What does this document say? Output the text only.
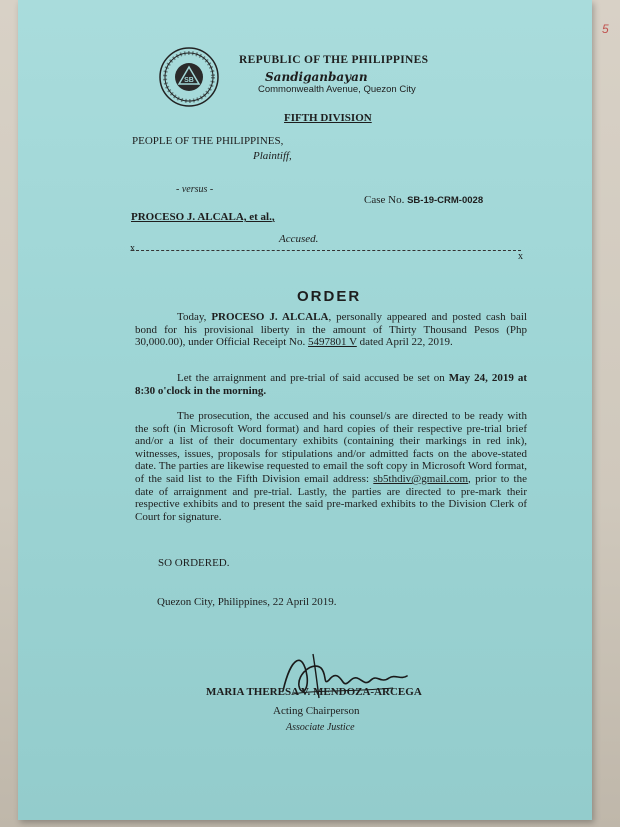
5
SB
REPUBLIC OF THE PHILIPPINES
Sandiganbayan
Commonwealth Avenue, Quezon City
FIFTH DIVISION
PEOPLE OF THE PHILIPPINES,
Plaintiff,
- versus -
Case No. SB-19-CRM-0028
PROCESO J. ALCALA, et al.,
Accused.
x
x
ORDER
Today, PROCESO J. ALCALA, personally appeared and posted cash bail bond for his provisional liberty in the amount of Thirty Thousand Pesos (Php 30,000.00), under Official Receipt No. 5497801 V dated April 22, 2019.
Let the arraignment and pre-trial of said accused be set on May 24, 2019 at 8:30 o'clock in the morning.
The prosecution, the accused and his counsel/s are directed to be ready with the soft (in Microsoft Word format) and hard copies of their respective pre-trial brief and/or a list of their documentary exhibits (containing their markings in red ink), witnesses, issues, proposals for stipulations and/or admitted facts on the above-stated date. The parties are likewise requested to email the soft copy in Microsoft Word format, of the said list to the Fifth Division email address: sb5thdiv@gmail.com, prior to the date of arraignment and pre-trial. Lastly, the parties are directed to pre-mark their respective exhibits and to present the said pre-marked exhibits to the Division Clerk of Court for signature.
SO ORDERED.
Quezon City, Philippines, 22 April 2019.
MARIA THERESA V. MENDOZA-ARCEGA
Acting Chairperson
Associate Justice
